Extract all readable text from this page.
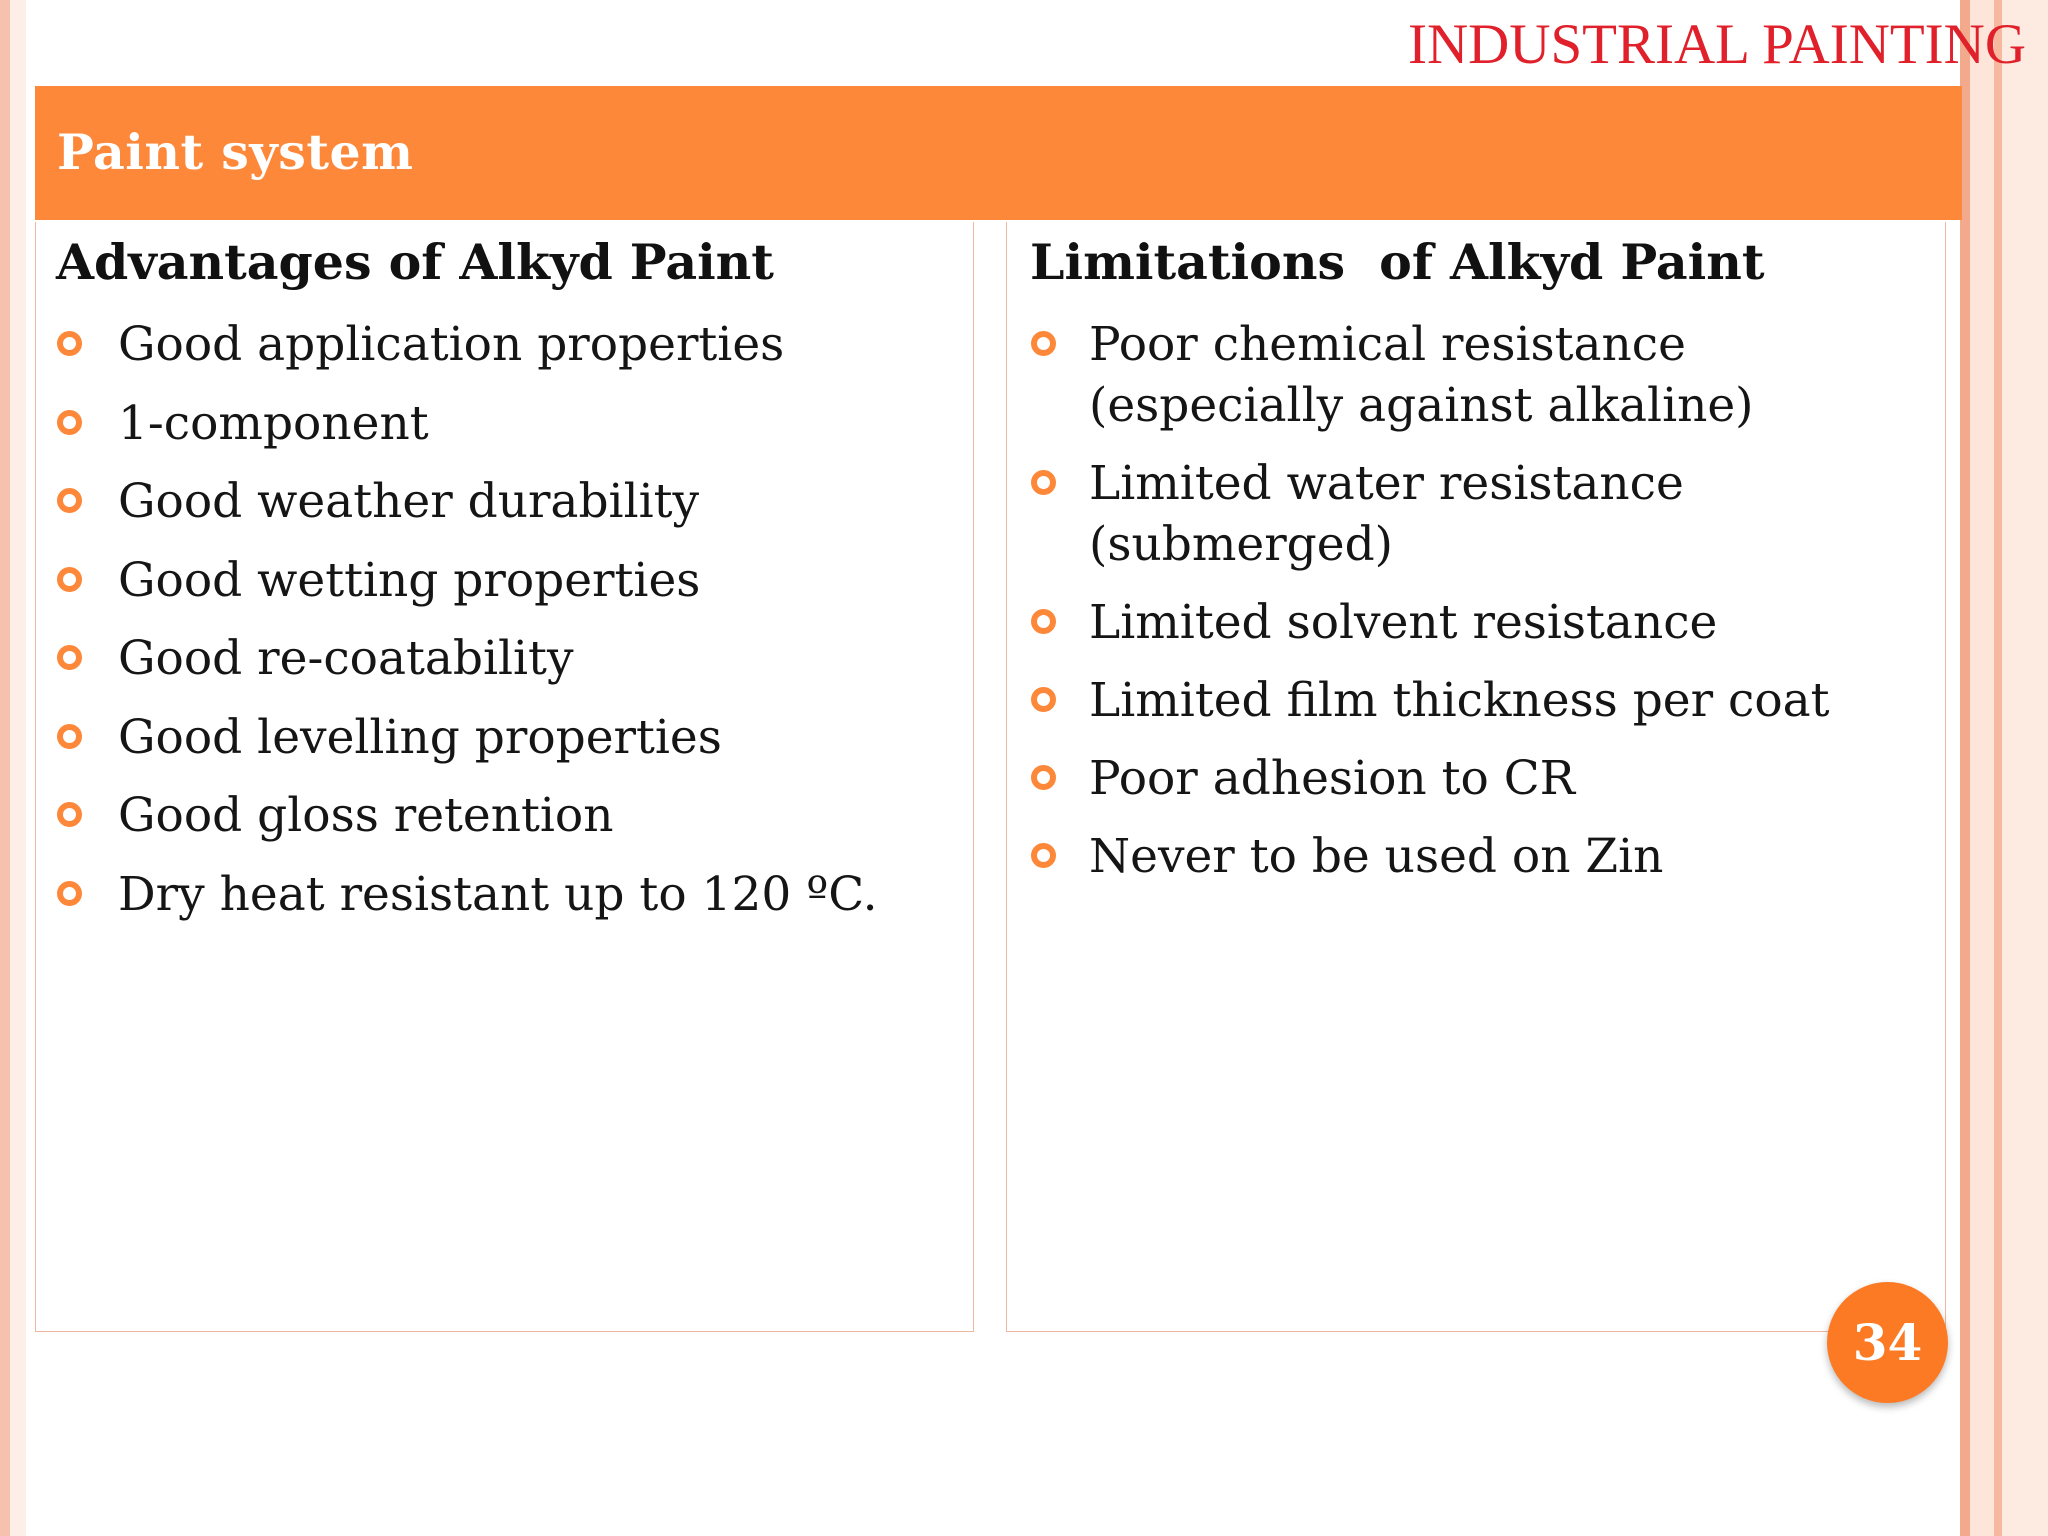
INDUSTRIAL PAINTING
Paint system
Advantages of Alkyd Paint
Good application properties
1-component
Good weather durability
Good wetting properties
Good re-coatability
Good levelling properties
Good gloss retention
Dry heat resistant up to 120 ºC.
Limitations  of Alkyd Paint
Poor chemical resistance
(especially against alkaline)
Limited water resistance
(submerged)
Limited solvent resistance
Limited film thickness per coat
Poor adhesion to CR
Never to be used on Zin
34
